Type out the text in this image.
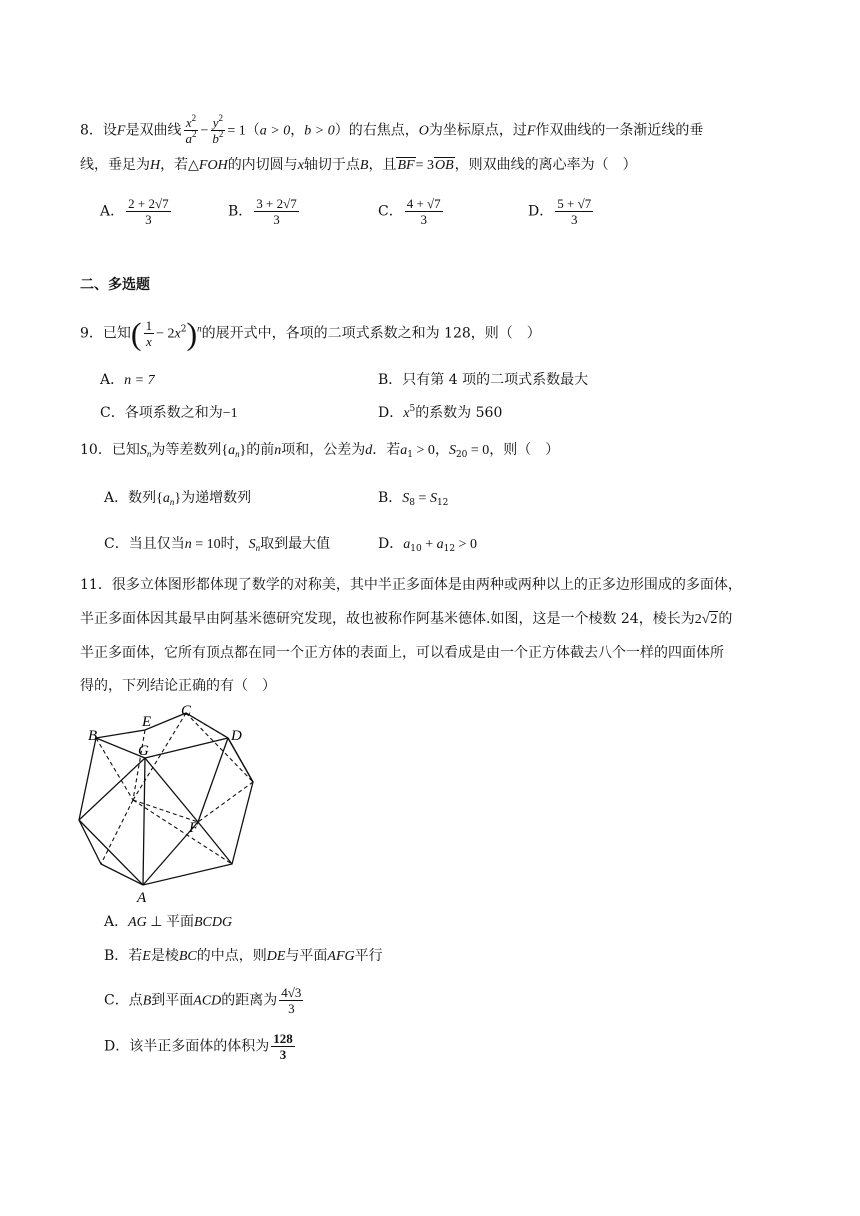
8．设F是双曲线 $\frac{x^2}{a^2} - \frac{y^2}{b^2} = 1(a > 0$，b > 0）的右焦点，O为坐标原点，过F作双曲线的一条渐近线的垂
线，垂足为H，若△FOH的内切圆与x轴切于点B，且BF= 3OB，则双曲线的离心率为（　）
A． $\frac{2 + 2√7}{3}$	B． $\frac{3 + 2√7}{3}$	C． $\frac{4 + √7}{3}$	D． $\frac{5 + √7}{3}$
二、多选题
9．已知( $\frac{1}{x} - 2x^2)^n$的展开式中，各项的二项式系数之和为 128，则（　）
A．n = 7	B．只有第 4 项的二项式系数最大
C．各项系数之和为−1	D．$x^5$的系数为 560
10．已知$S_n$为等差数列$\{a_n\}$的前n项和，公差为d．若$a_1 > 0$，$S_{20} = 0$，则（　）
A．数列$\{a_n\}$为递增数列	B．$S_8 = S_{12}$
C．当且仅当n = 10时，$S_n$取到最大值	D．$a_{10} + a_{12} > 0$
11．很多立体图形都体现了数学的对称美，其中半正多面体是由两种或两种以上的正多边形围成的多面体，
半正多面体因其最早由阿基米德研究发现，故也被称作阿基米德体.如图，这是一个棱数 24，棱长为2√2的
半正多面体，它所有顶点都在同一个正方体的表面上，可以看成是由一个正方体截去八个一样的四面体所
得的，下列结论正确的有（　）
B
E
C
G
D
F
A
A．AG ⊥ 平面BCDG
B．若E是棱BC的中点，则DE与平面AFG平行
C．点B到平面ACD的距离为 $\frac{4√3}{3}$
D．该半正多面体的体积为 $\frac{128}{3}$
